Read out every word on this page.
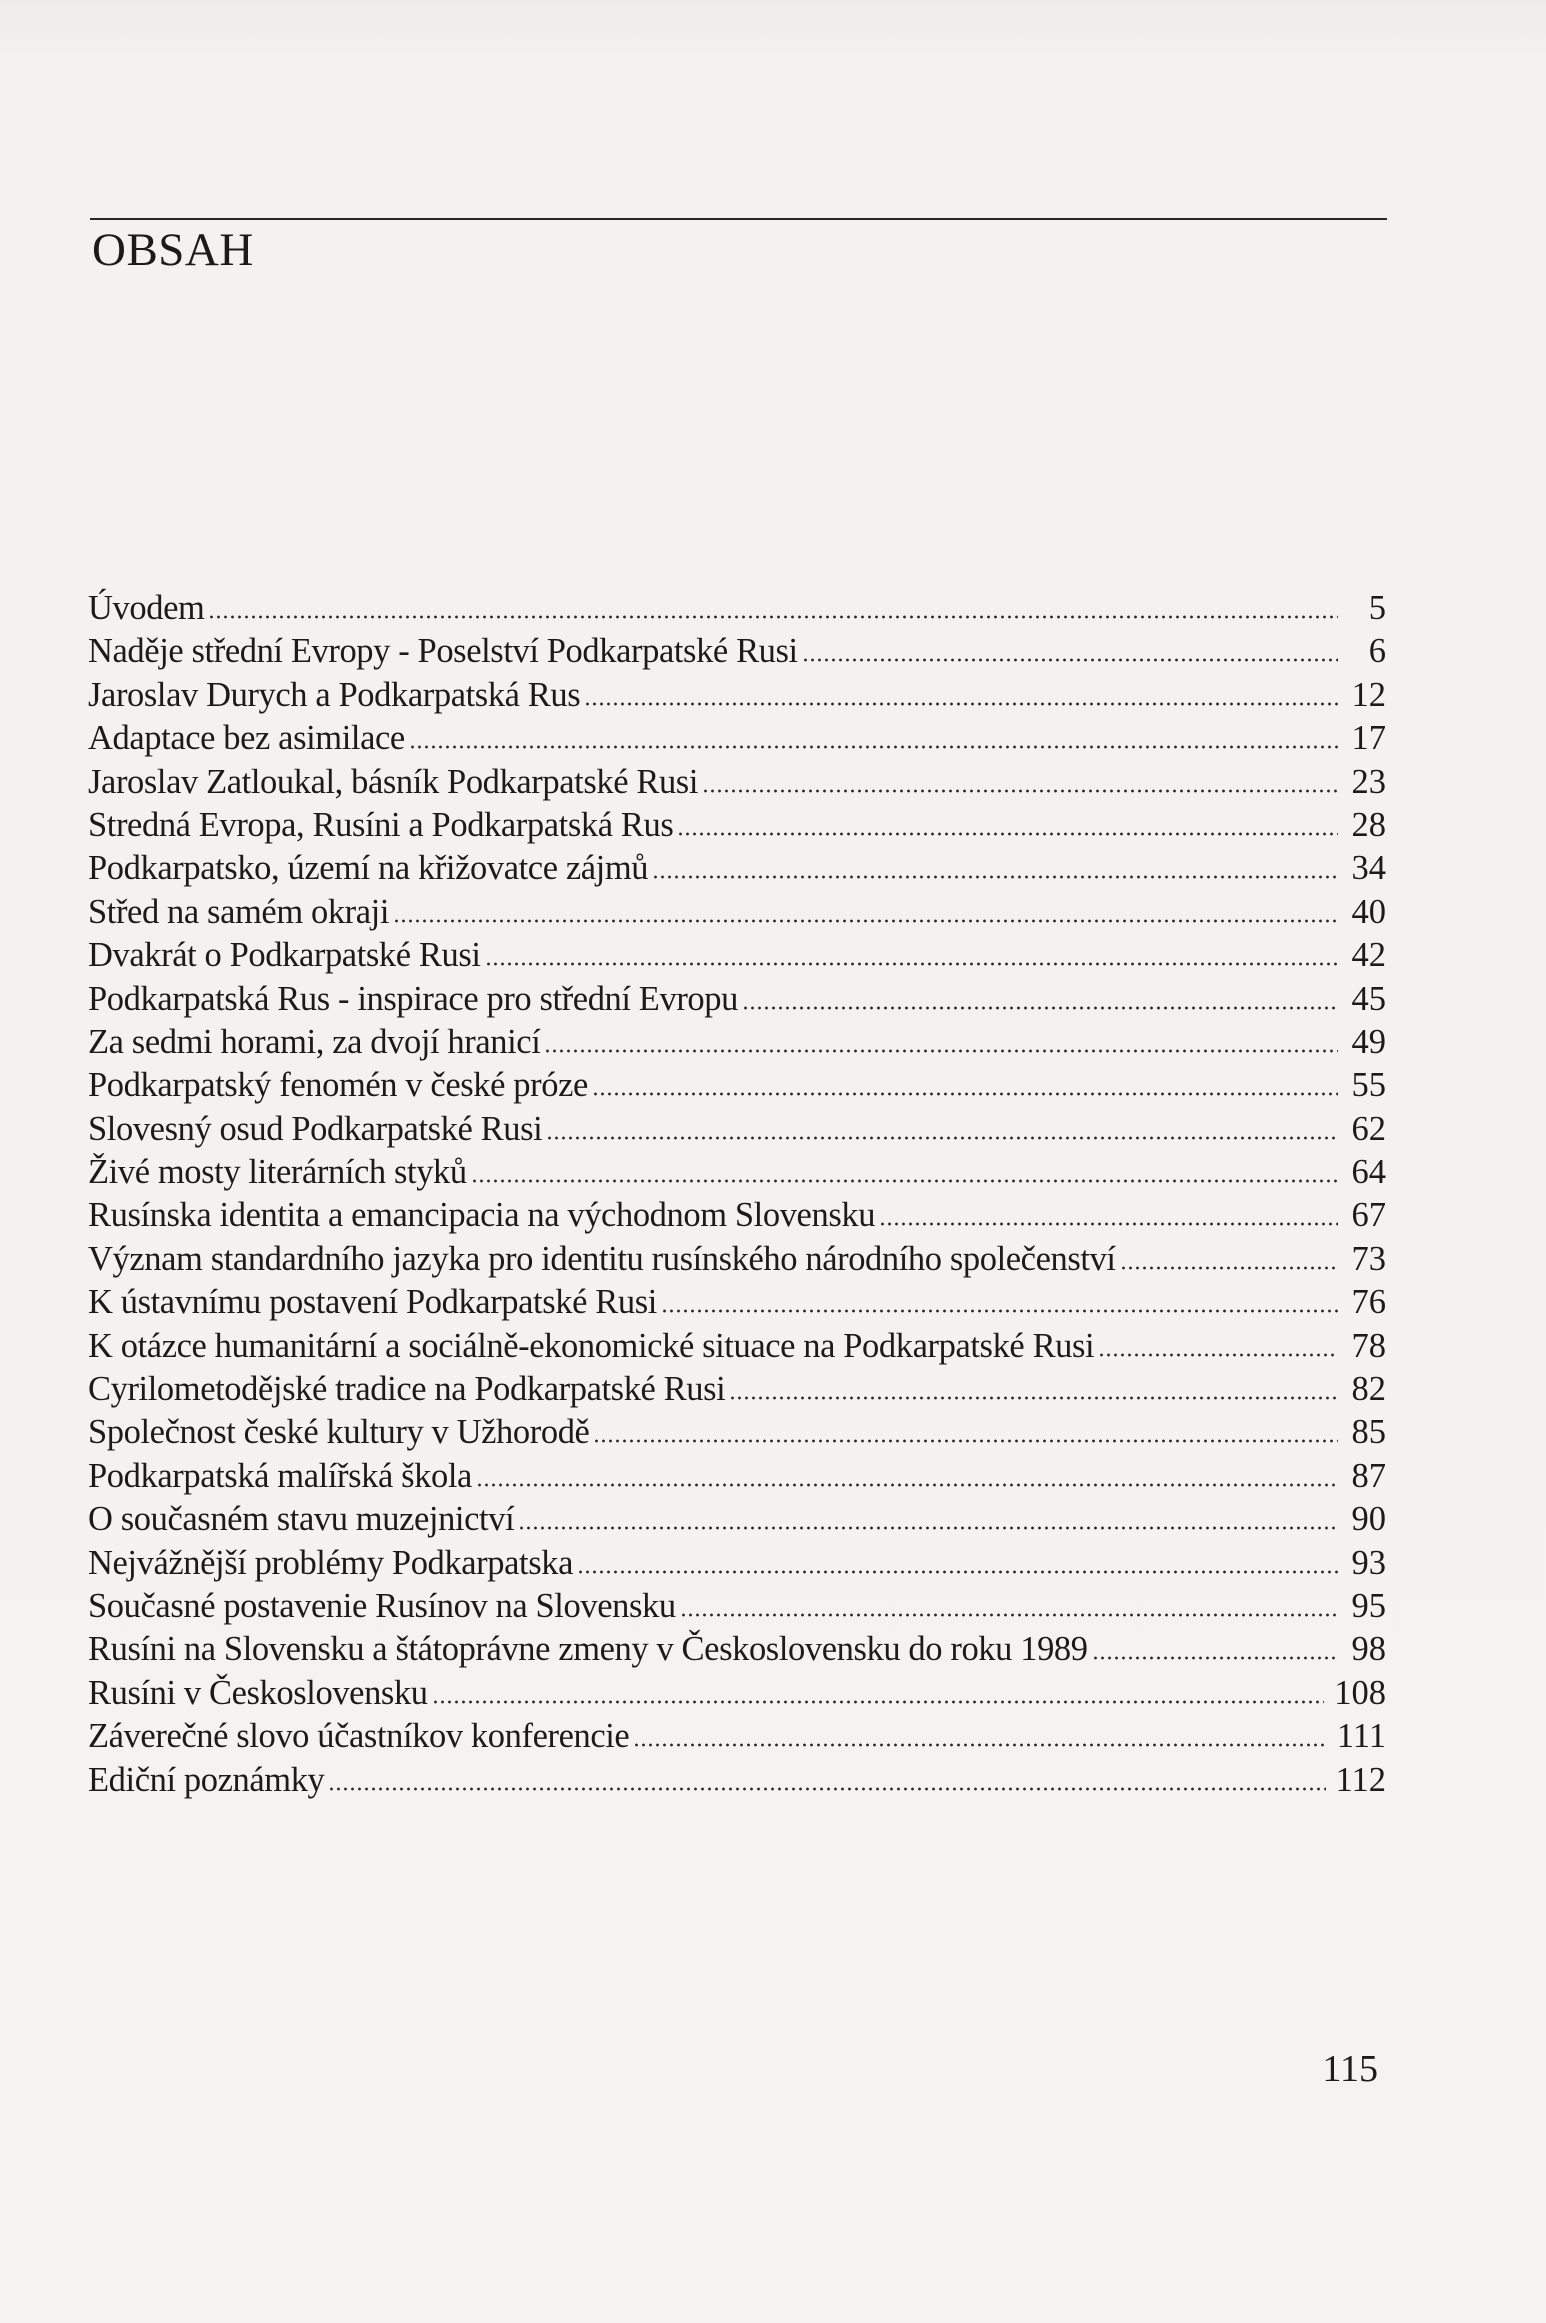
OBSAH
Úvodem	5
Naděje střední Evropy - Poselství Podkarpatské Rusi	6
Jaroslav Durych a Podkarpatská Rus	12
Adaptace bez asimilace	17
Jaroslav Zatloukal, básník Podkarpatské Rusi	23
Stredná Evropa, Rusíni a Podkarpatská Rus	28
Podkarpatsko, území na křižovatce zájmů	34
Střed na samém okraji	40
Dvakrát o Podkarpatské Rusi	42
Podkarpatská Rus - inspirace pro střední Evropu	45
Za sedmi horami, za dvojí hranicí	49
Podkarpatský fenomén v české próze	55
Slovesný osud Podkarpatské Rusi	62
Živé mosty literárních styků	64
Rusínska identita a emancipacia na východnom Slovensku	67
Význam standardního jazyka pro identitu rusínského národního společenství	73
K ústavnímu postavení Podkarpatské Rusi	76
K otázce humanitární a sociálně-ekonomické situace na Podkarpatské Rusi	78
Cyrilometodějské tradice na Podkarpatské Rusi	82
Společnost české kultury v Užhorodě	85
Podkarpatská malířská škola	87
O současném stavu muzejnictví	90
Nejvážnější problémy Podkarpatska	93
Současné postavenie Rusínov na Slovensku	95
Rusíni na Slovensku a štátoprávne zmeny v Československu do roku 1989	98
Rusíni v Československu	108
Záverečné slovo účastníkov konferencie	111
Ediční poznámky	112
115
